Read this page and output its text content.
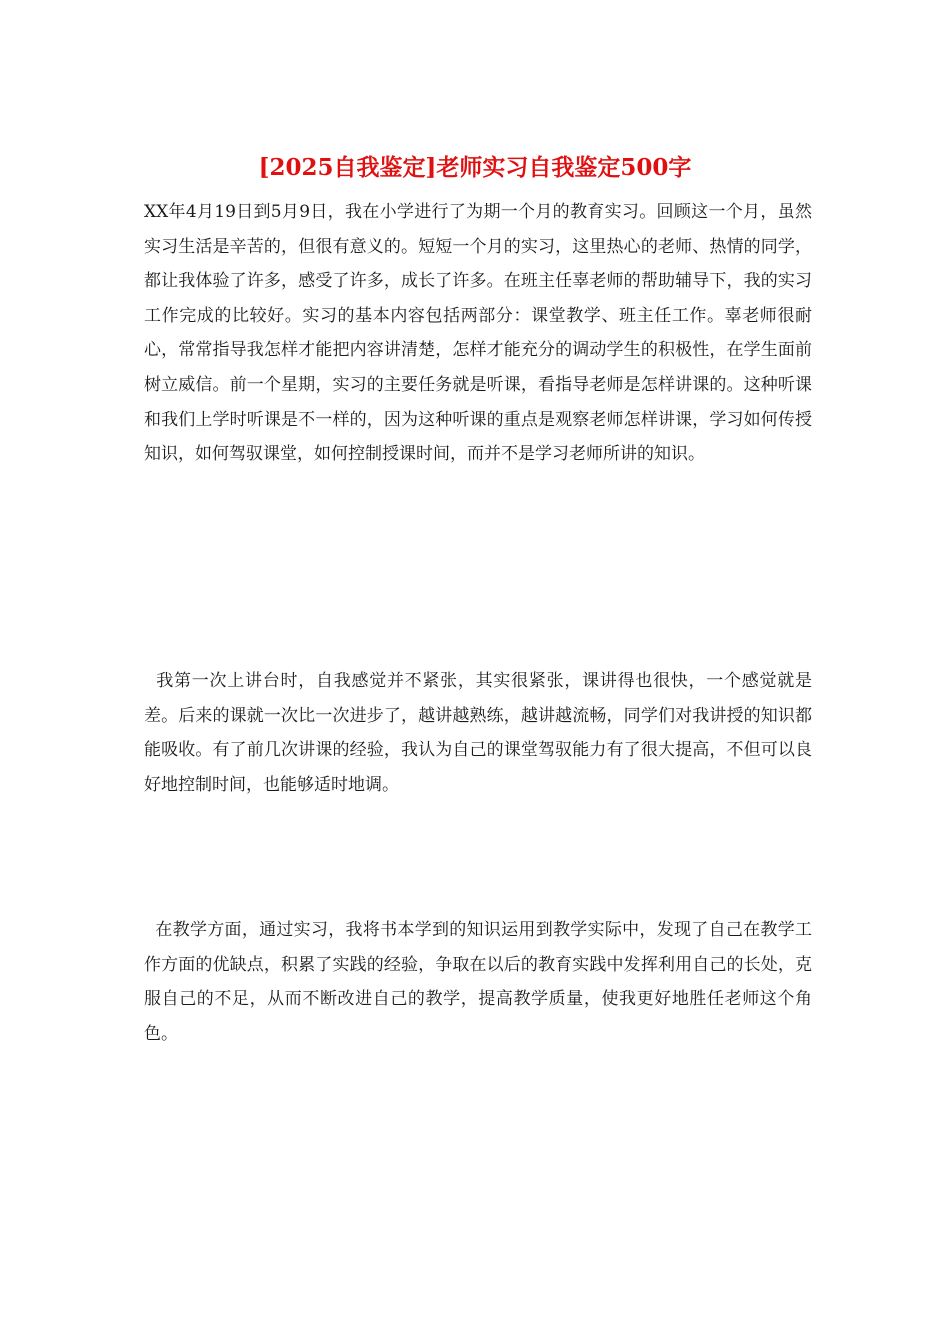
[2025自我鉴定]老师实习自我鉴定500字

XX年4月19日到5月9日，我在小学进行了为期一个月的教育实习。回顾这一个月，虽然实习生活是辛苦的，但很有意义的。短短一个月的实习，这里热心的老师、热情的同学，都让我体验了许多，感受了许多，成长了许多。在班主任辜老师的帮助辅导下，我的实习工作完成的比较好。实习的基本内容包括两部分：课堂教学、班主任工作。辜老师很耐心，常常指导我怎样才能把内容讲清楚，怎样才能充分的调动学生的积极性，在学生面前树立威信。前一个星期，实习的主要任务就是听课，看指导老师是怎样讲课的。这种听课和我们上学时听课是不一样的，因为这种听课的重点是观察老师怎样讲课，学习如何传授知识，如何驾驭课堂，如何控制授课时间，而并不是学习老师所讲的知识。

我第一次上讲台时，自我感觉并不紧张，其实很紧张，课讲得也很快，一个感觉就是差。后来的课就一次比一次进步了，越讲越熟练，越讲越流畅，同学们对我讲授的知识都能吸收。有了前几次讲课的经验，我认为自己的课堂驾驭能力有了很大提高，不但可以良好地控制时间，也能够适时地调。

在教学方面，通过实习，我将书本学到的知识运用到教学实际中，发现了自己在教学工作方面的优缺点，积累了实践的经验，争取在以后的教育实践中发挥利用自己的长处，克服自己的不足，从而不断改进自己的教学，提高教学质量，使我更好地胜任老师这个角色。
